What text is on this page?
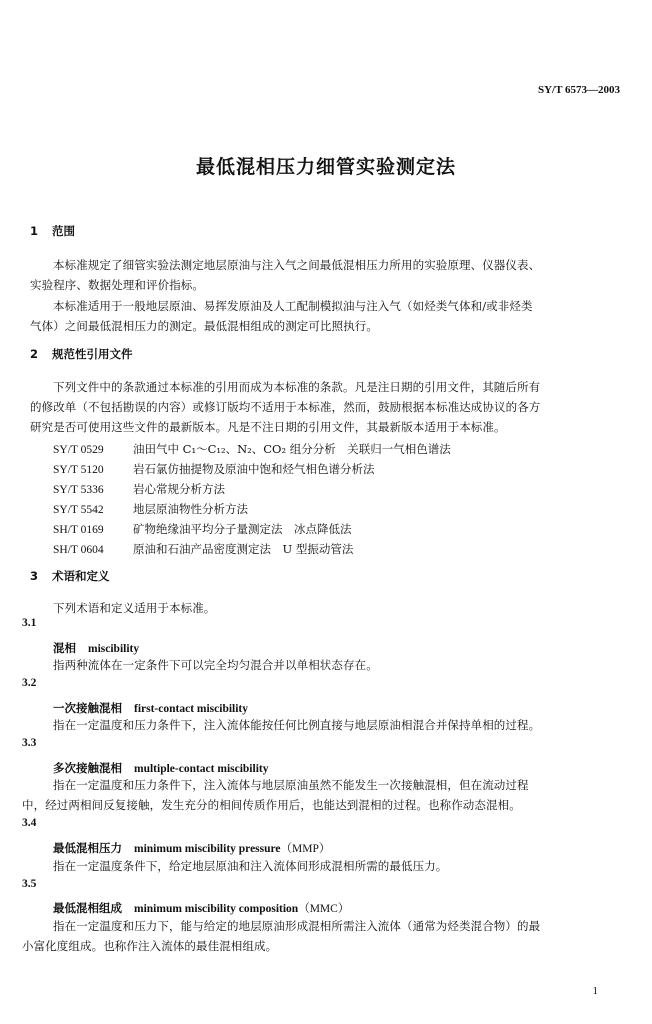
SY/T 6573—2003
最低混相压力细管实验测定法
1 范围
本标准规定了细管实验法测定地层原油与注入气之间最低混相压力所用的实验原理、仪器仪表、
实验程序、数据处理和评价指标。
本标准适用于一般地层原油、易挥发原油及人工配制模拟油与注入气（如烃类气体和/或非烃类
气体）之间最低混相压力的测定。最低混相组成的测定可比照执行。
2 规范性引用文件
下列文件中的条款通过本标准的引用而成为本标准的条款。凡是注日期的引用文件，其随后所有
的修改单（不包括勘误的内容）或修订版均不适用于本标准，然而，鼓励根据本标准达成协议的各方
研究是否可使用这些文件的最新版本。凡是不注日期的引用文件，其最新版本适用于本标准。
SY/T 0529	油田气中 C₁～C₁₂、N₂、CO₂ 组分分析　关联归一气相色谱法
SY/T 5120	岩石氯仿抽提物及原油中饱和烃气相色谱分析法
SY/T 5336	岩心常规分析方法
SY/T 5542	地层原油物性分析方法
SH/T 0169	矿物绝缘油平均分子量测定法　冰点降低法
SH/T 0604	原油和石油产品密度测定法　U 型振动管法
3 术语和定义
下列术语和定义适用于本标准。
3.1
混相 miscibility
指两种流体在一定条件下可以完全均匀混合并以单相状态存在。
3.2
一次接触混相 first-contact miscibility
指在一定温度和压力条件下，注入流体能按任何比例直接与地层原油相混合并保持单相的过程。
3.3
多次接触混相 multiple-contact miscibility
指在一定温度和压力条件下，注入流体与地层原油虽然不能发生一次接触混相，但在流动过程
中，经过两相间反复接触，发生充分的相间传质作用后，也能达到混相的过程。也称作动态混相。
3.4
最低混相压力 minimum miscibility pressure（MMP）
指在一定温度条件下，给定地层原油和注入流体间形成混相所需的最低压力。
3.5
最低混相组成 minimum miscibility composition（MMC）
指在一定温度和压力下，能与给定的地层原油形成混相所需注入流体（通常为烃类混合物）的最
小富化度组成。也称作注入流体的最佳混相组成。
1
